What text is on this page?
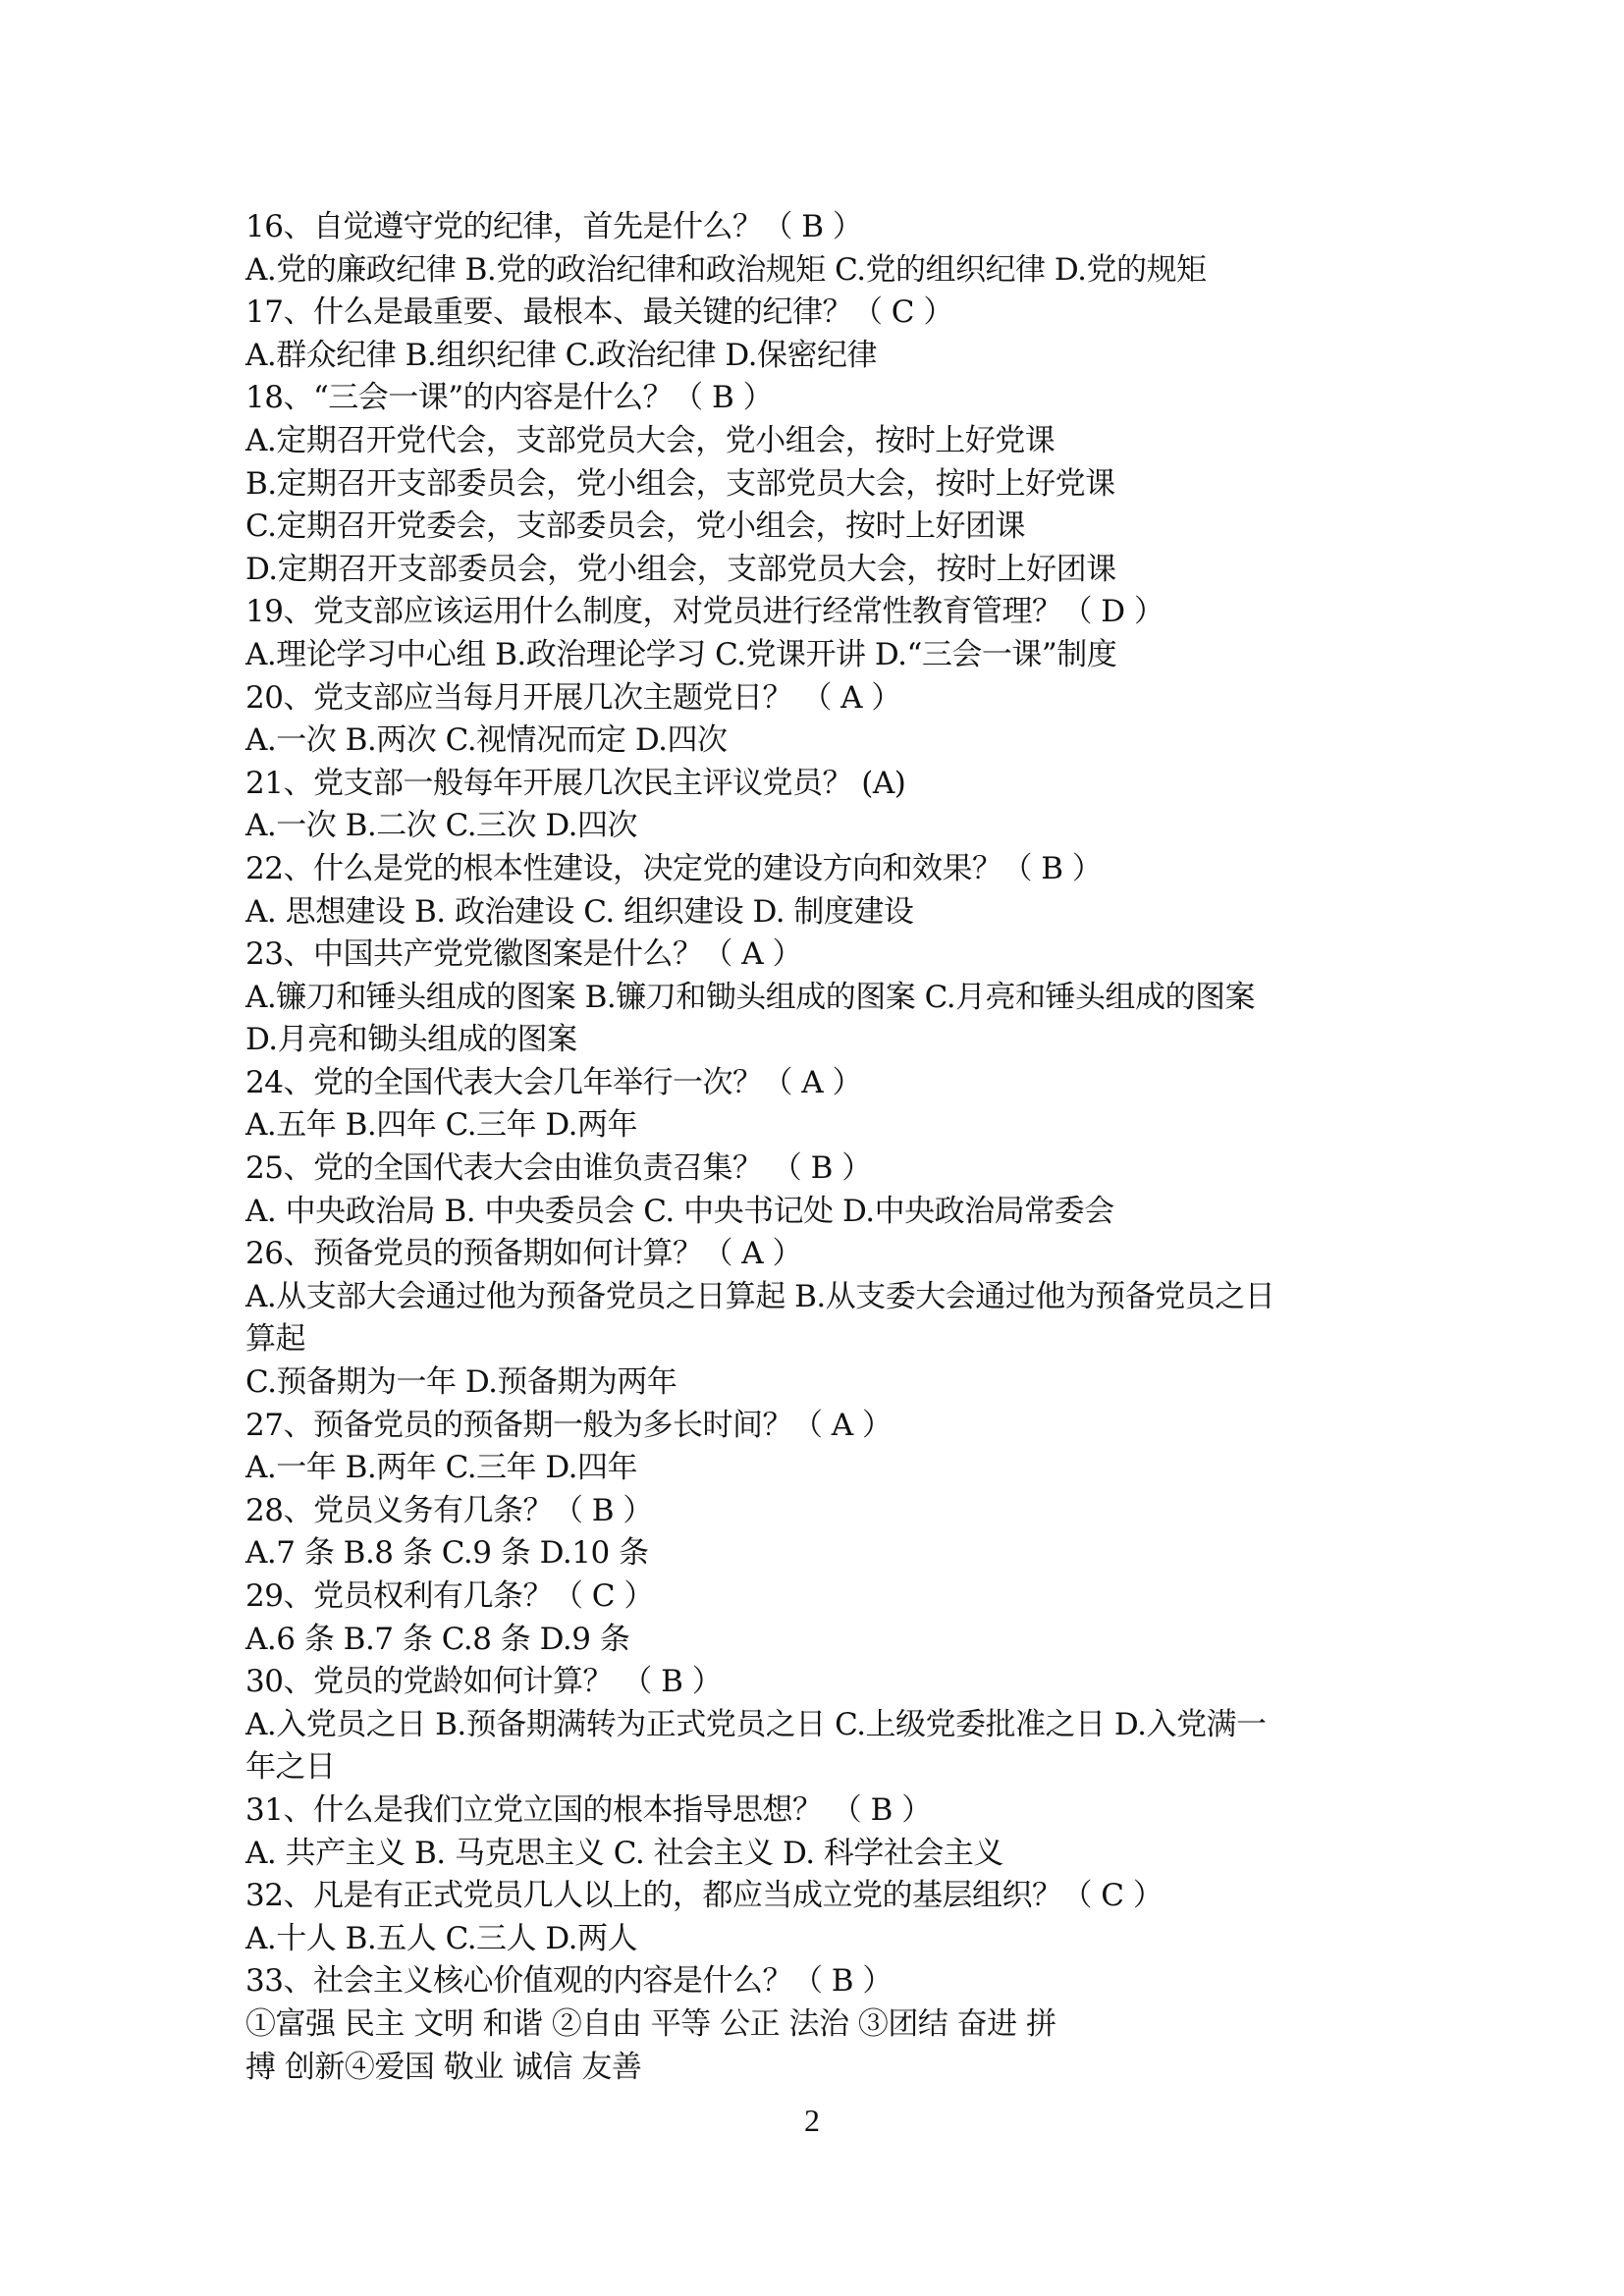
16、自觉遵守党的纪律，首先是什么？（ B ）
A.党的廉政纪律 B.党的政治纪律和政治规矩 C.党的组织纪律 D.党的规矩
17、什么是最重要、最根本、最关键的纪律？（ C ）
A.群众纪律 B.组织纪律 C.政治纪律 D.保密纪律
18、“三会一课”的内容是什么？（ B ）
A.定期召开党代会，支部党员大会，党小组会，按时上好党课
B.定期召开支部委员会，党小组会，支部党员大会，按时上好党课
C.定期召开党委会，支部委员会，党小组会，按时上好团课
D.定期召开支部委员会，党小组会，支部党员大会，按时上好团课
19、党支部应该运用什么制度，对党员进行经常性教育管理？（ D ）
A.理论学习中心组 B.政治理论学习 C.党课开讲 D.“三会一课”制度
20、党支部应当每月开展几次主题党日？ （ A ）
A.一次 B.两次 C.视情况而定 D.四次
21、党支部一般每年开展几次民主评议党员？ (A)
A.一次 B.二次 C.三次 D.四次
22、什么是党的根本性建设，决定党的建设方向和效果？（ B ）
A. 思想建设 B. 政治建设 C. 组织建设 D. 制度建设
23、中国共产党党徽图案是什么？（ A ）
A.镰刀和锤头组成的图案 B.镰刀和锄头组成的图案 C.月亮和锤头组成的图案
D.月亮和锄头组成的图案
24、党的全国代表大会几年举行一次？（ A ）
A.五年 B.四年 C.三年 D.两年
25、党的全国代表大会由谁负责召集？ （ B ）
A. 中央政治局 B. 中央委员会 C. 中央书记处 D.中央政治局常委会
26、预备党员的预备期如何计算？（ A ）
A.从支部大会通过他为预备党员之日算起 B.从支委大会通过他为预备党员之日
算起
C.预备期为一年 D.预备期为两年
27、预备党员的预备期一般为多长时间？（ A ）
A.一年 B.两年 C.三年 D.四年
28、党员义务有几条？（ B ）
A.7 条 B.8 条 C.9 条 D.10 条
29、党员权利有几条？（ C ）
A.6 条 B.7 条 C.8 条 D.9 条
30、党员的党龄如何计算？ （ B ）
A.入党员之日 B.预备期满转为正式党员之日 C.上级党委批准之日 D.入党满一
年之日
31、什么是我们立党立国的根本指导思想？ （ B ）
A. 共产主义 B. 马克思主义 C. 社会主义 D. 科学社会主义
32、凡是有正式党员几人以上的，都应当成立党的基层组织？（ C ）
A.十人 B.五人 C.三人 D.两人
33、社会主义核心价值观的内容是什么？（ B ）
①富强 民主 文明 和谐 ②自由 平等 公正 法治 ③团结 奋进 拼
搏 创新④爱国 敬业 诚信 友善
2
